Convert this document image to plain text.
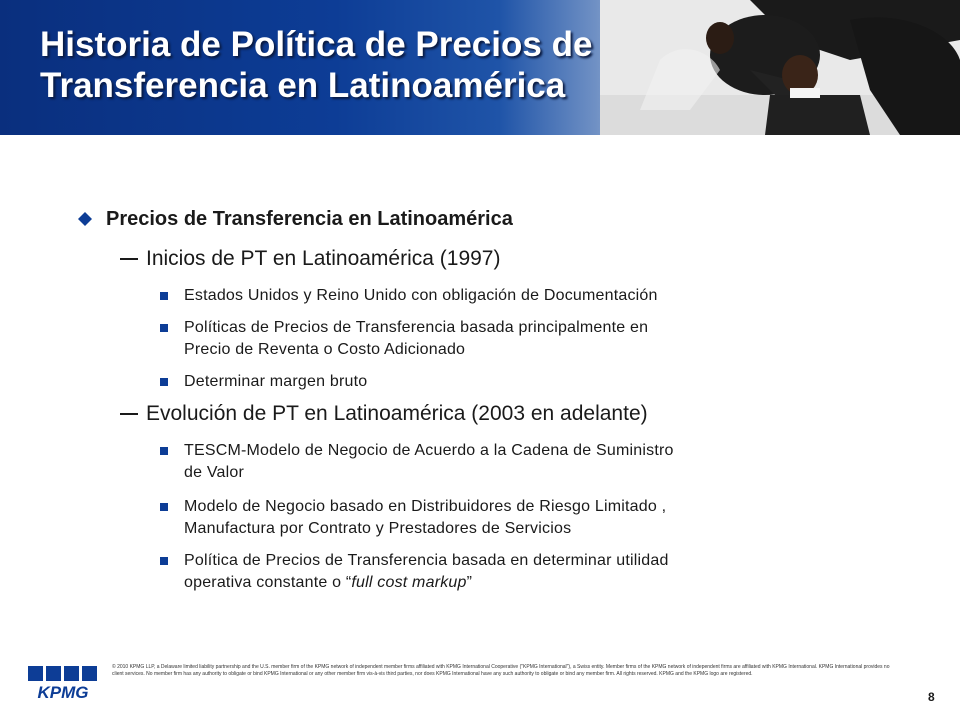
Historia de Política de Precios de
Transferencia en Latinoamérica
Precios de Transferencia en Latinoamérica
Inicios de PT en Latinoamérica (1997)
Estados Unidos y Reino Unido con obligación de Documentación
Políticas de Precios de Transferencia basada principalmente en
Precio de Reventa o Costo Adicionado
Determinar margen bruto
Evolución de PT en Latinoamérica (2003 en adelante)
TESCM-Modelo de Negocio de Acuerdo a la Cadena de Suministro
de Valor
Modelo de Negocio basado en Distribuidores de Riesgo Limitado ,
Manufactura por Contrato y Prestadores de Servicios
Política de Precios de Transferencia basada en determinar utilidad
operativa constante o “full cost markup”
KPMG
© 2010 KPMG LLP, a Delaware limited liability partnership and the U.S. member firm of the KPMG network of independent member firms affiliated with KPMG International Cooperative ("KPMG International"), a Swiss entity. Member firms of the KPMG network of independent firms are affiliated with KPMG International. KPMG International provides no client services. No member firm has any authority to obligate or bind KPMG International or any other member firm vis-à-vis third parties, nor does KPMG International have any such authority to obligate or bind any member firm. All rights reserved. KPMG and the KPMG logo are registered.
8
